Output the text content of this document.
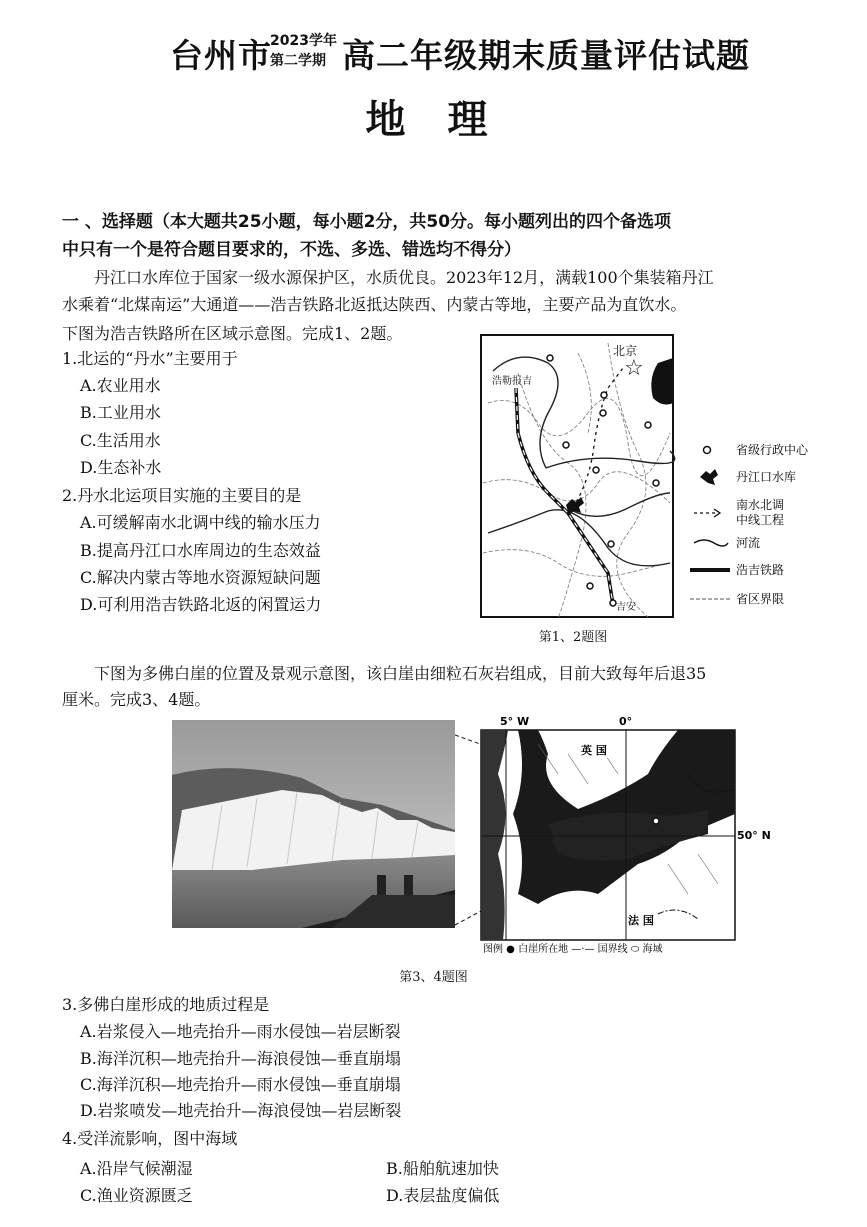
台州市
2023学年
第二学期 高二年级期末质量评估试题
地 理
一 、选择题（本大题共25小题，每小题2分，共50分。每小题列出的四个备选项
中只有一个是符合题目要求的，不选、多选、错选均不得分）
丹江口水库位于国家一级水源保护区，水质优良。2023年12月，满载100个集装箱丹江
水乘着“北煤南运”大通道——浩吉铁路北返抵达陕西、内蒙古等地，主要产品为直饮水。
下图为浩吉铁路所在区域示意图。完成1、2题。
1.北运的“丹水”主要用于
A.农业用水
B.工业用水
C.生活用水
D.生态补水
2.丹水北运项目实施的主要目的是
A.可缓解南水北调中线的输水压力
B.提高丹江口水库周边的生态效益
C.解决内蒙古等地水资源短缺问题
D.可利用浩吉铁路北返的闲置运力
☆
北京
浩勒报吉
吉安
省级行政中心
丹江口水库
南水北调
中线工程
河流
浩吉铁路
省区界限
第1、2题图
下图为多佛白崖的位置及景观示意图，该白崖由细粒石灰岩组成，目前大致每年后退35
厘米。完成3、4题。
5° W	0°
50° N
英 国
法 国
图例 ● 白崖所在地 —·— 国界线 ⬭ 海域
第3、4题图
3.多佛白崖形成的地质过程是
A.岩浆侵入—地壳抬升—雨水侵蚀—岩层断裂
B.海洋沉积—地壳抬升—海浪侵蚀—垂直崩塌
C.海洋沉积—地壳抬升—雨水侵蚀—垂直崩塌
D.岩浆喷发—地壳抬升—海浪侵蚀—岩层断裂
4.受洋流影响，图中海域
A.沿岸气候潮湿	B.船舶航速加快
C.渔业资源匮乏	D.表层盐度偏低
